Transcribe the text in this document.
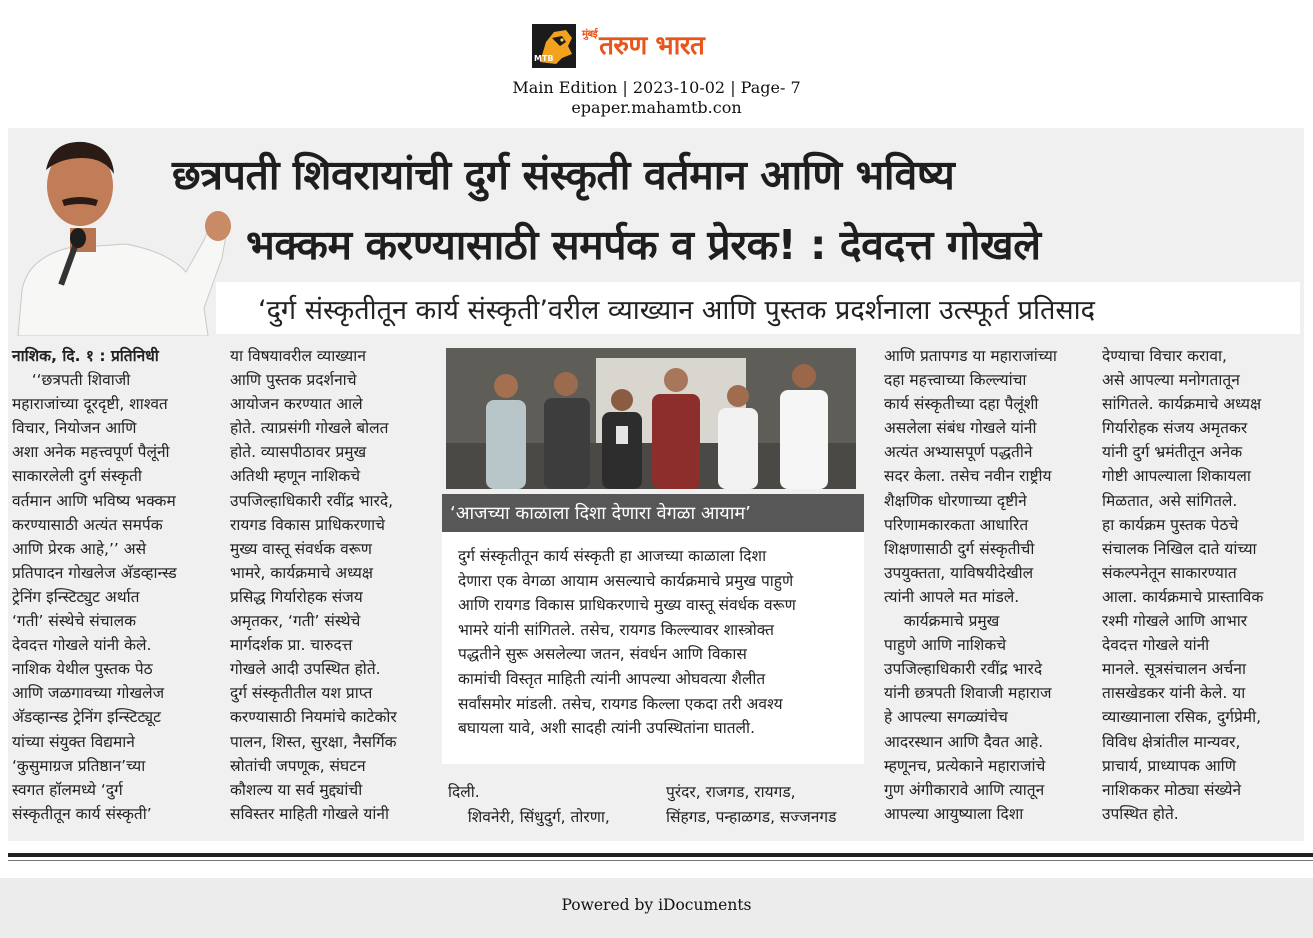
MTB
$^{मुंबई}$तरुण भारत
Main Edition | 2023-10-02 | Page- 7
epaper.mahamtb.con
छत्रपती शिवरायांची दुर्ग संस्कृती वर्तमान आणि भविष्य
भक्कम करण्यासाठी समर्पक व प्रेरक! : देवदत्त गोखले
‘दुर्ग संस्कृतीतून कार्य संस्कृती’वरील व्याख्यान आणि पुस्तक प्रदर्शनाला उत्स्फूर्त प्रतिसाद

नाशिक, दि. १ : प्रतिनिधी

‘‘छत्रपती शिवाजी

महाराजांच्या दूरदृष्टी, शाश्वत

विचार, नियोजन आणि

अशा अनेक महत्त्वपूर्ण पैलूंनी

साकारलेली दुर्ग संस्कृती

वर्तमान आणि भविष्य भक्कम

करण्यासाठी अत्यंत समर्पक

आणि प्रेरक आहे,’’ असे

प्रतिपादन गोखलेज अ‍ॅडव्हान्स्ड

ट्रेनिंग इन्स्टिट्युट अर्थात

‘गती’ संस्थेचे संचालक

देवदत्त गोखले यांनी केले.

नाशिक येथील पुस्तक पेठ

आणि जळगावच्या गोखलेज

अ‍ॅडव्हान्स्ड ट्रेनिंग इन्स्टिट्यूट

यांच्या संयुक्त विद्यमाने

‘कुसुमाग्रज प्रतिष्ठान’च्या

स्वगत हॉलमध्ये ‘दुर्ग

संस्कृतीतून कार्य संस्कृती’

या विषयावरील व्याख्यान

आणि पुस्तक प्रदर्शनाचे

आयोजन करण्यात आले

होते. त्याप्रसंगी गोखले बोलत

होते. व्यासपीठावर प्रमुख

अतिथी म्हणून नाशिकचे

उपजिल्हाधिकारी रवींद्र भारदे,

रायगड विकास प्राधिकरणाचे

मुख्य वास्तू संवर्धक वरूण

भामरे, कार्यक्रमाचे अध्यक्ष

प्रसिद्ध गिर्यारोहक संजय

अमृतकर, ‘गती’ संस्थेचे

मार्गदर्शक प्रा. चारुदत्त

गोखले आदी उपस्थित होते.

दुर्ग संस्कृतीतील यश प्राप्त

करण्यासाठी नियमांचे काटेकोर

पालन, शिस्त, सुरक्षा, नैसर्गिक

स्रोतांची जपणूक, संघटन

कौशल्य या सर्व मुद्द्यांची

सविस्तर माहिती गोखले यांनी

‘आजच्या काळाला दिशा देणारा वेगळा आयाम’

दुर्ग संस्कृतीतून कार्य संस्कृती हा आजच्या काळाला दिशा

देणारा एक वेगळा आयाम असल्याचे कार्यक्रमाचे प्रमुख पाहुणे

आणि रायगड विकास प्राधिकरणाचे मुख्य वास्तू संवर्धक वरूण

भामरे यांनी सांगितले. तसेच, रायगड किल्ल्यावर शास्त्रोक्त

पद्धतीने सुरू असलेल्या जतन, संवर्धन आणि विकास

कामांची विस्तृत माहिती त्यांनी आपल्या ओघवत्या शैलीत

सर्वांसमोर मांडली. तसेच, रायगड किल्ला एकदा तरी अवश्य

बघायला यावे, अशी सादही त्यांनी उपस्थितांना घातली.

दिली.

शिवनेरी, सिंधुदुर्ग, तोरणा,

पुरंदर, राजगड, रायगड,

सिंहगड, पन्हाळगड, सज्जनगड

आणि प्रतापगड या महाराजांच्या

दहा महत्त्वाच्या किल्ल्यांचा

कार्य संस्कृतीच्या दहा पैलूंशी

असलेला संबंध गोखले यांनी

अत्यंत अभ्यासपूर्ण पद्धतीने

सदर केला. तसेच नवीन राष्ट्रीय

शैक्षणिक धोरणाच्या दृष्टीने

परिणामकारकता आधारित

शिक्षणासाठी दुर्ग संस्कृतीची

उपयुक्तता, याविषयीदेखील

त्यांनी आपले मत मांडले.

कार्यक्रमाचे प्रमुख

पाहुणे आणि नाशिकचे

उपजिल्हाधिकारी रवींद्र भारदे

यांनी छत्रपती शिवाजी महाराज

हे आपल्या सगळ्यांचेच

आदरस्थान आणि दैवत आहे.

म्हणूनच, प्रत्येकाने महाराजांचे

गुण अंगीकारावे आणि त्यातून

आपल्या आयुष्याला दिशा

देण्याचा विचार करावा,

असे आपल्या मनोगतातून

सांगितले. कार्यक्रमाचे अध्यक्ष

गिर्यारोहक संजय अमृतकर

यांनी दुर्ग भ्रमंतीतून अनेक

गोष्टी आपल्याला शिकायला

मिळतात, असे सांगितले.

हा कार्यक्रम पुस्तक पेठचे

संचालक निखिल दाते यांच्या

संकल्पनेतून साकारण्यात

आला. कार्यक्रमाचे प्रास्ताविक

रश्मी गोखले आणि आभार

देवदत्त गोखले यांनी

मानले. सूत्रसंचालन अर्चना

तासखेडकर यांनी केले. या

व्याख्यानाला रसिक, दुर्गप्रेमी,

विविध क्षेत्रांतील मान्यवर,

प्राचार्य, प्राध्यापक आणि

नाशिककर मोठ्या संख्येने

उपस्थित होते.

Powered by iDocuments
